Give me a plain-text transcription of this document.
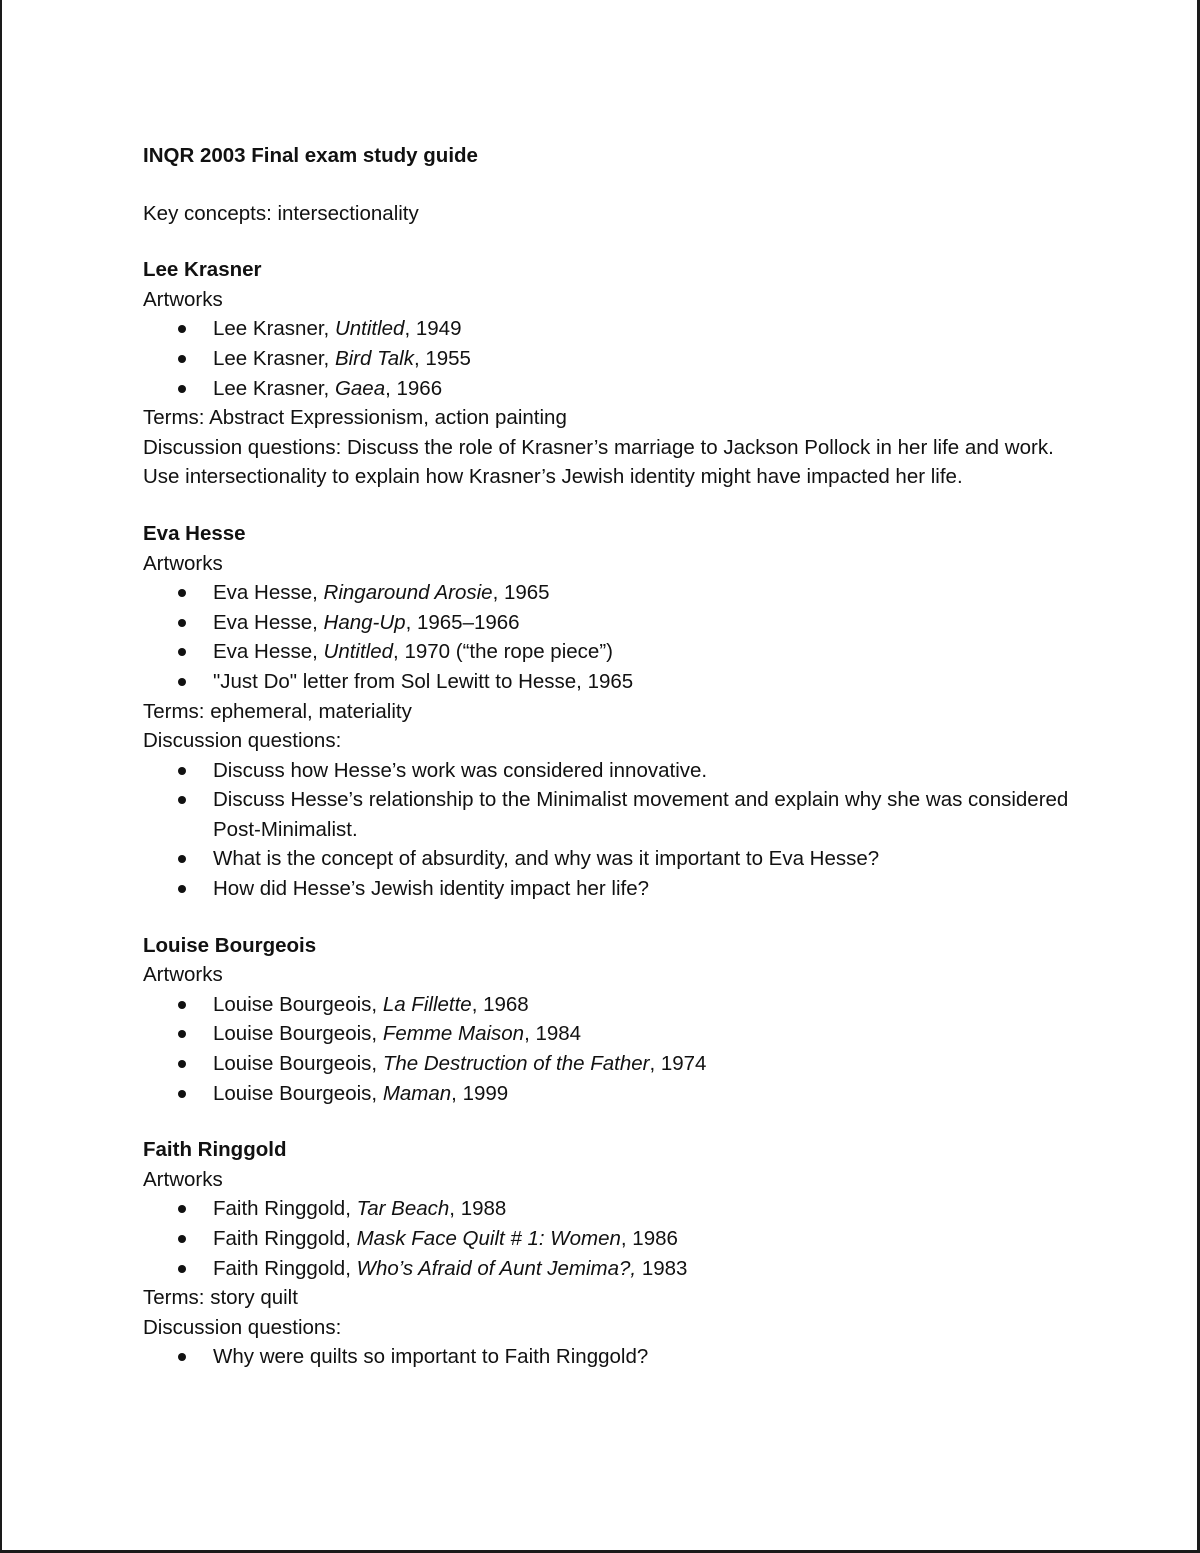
INQR 2003 Final exam study guide

Key concepts: intersectionality

Lee Krasner

Artworks

Lee Krasner, Untitled, 1949
Lee Krasner, Bird Talk, 1955
Lee Krasner, Gaea, 1966

Terms: Abstract Expressionism, action painting

Discussion questions: Discuss the role of Krasner’s marriage to Jackson Pollock in her life and work.

Use intersectionality to explain how Krasner’s Jewish identity might have impacted her life.

Eva Hesse

Artworks

Eva Hesse, Ringaround Arosie, 1965
Eva Hesse, Hang-Up, 1965–1966
Eva Hesse, Untitled, 1970 (“the rope piece”)
"Just Do" letter from Sol Lewitt to Hesse, 1965

Terms: ephemeral, materiality

Discussion questions:

Discuss how Hesse’s work was considered innovative.
Discuss Hesse’s relationship to the Minimalist movement and explain why she was considered Post-Minimalist.
What is the concept of absurdity, and why was it important to Eva Hesse?
How did Hesse’s Jewish identity impact her life?

Louise Bourgeois

Artworks

Louise Bourgeois, La Fillette, 1968
Louise Bourgeois, Femme Maison, 1984
Louise Bourgeois, The Destruction of the Father, 1974
Louise Bourgeois, Maman, 1999

Faith Ringgold

Artworks

Faith Ringgold, Tar Beach, 1988
Faith Ringgold, Mask Face Quilt # 1: Women, 1986
Faith Ringgold, Who’s Afraid of Aunt Jemima?, 1983

Terms: story quilt

Discussion questions:

Why were quilts so important to Faith Ringgold?
